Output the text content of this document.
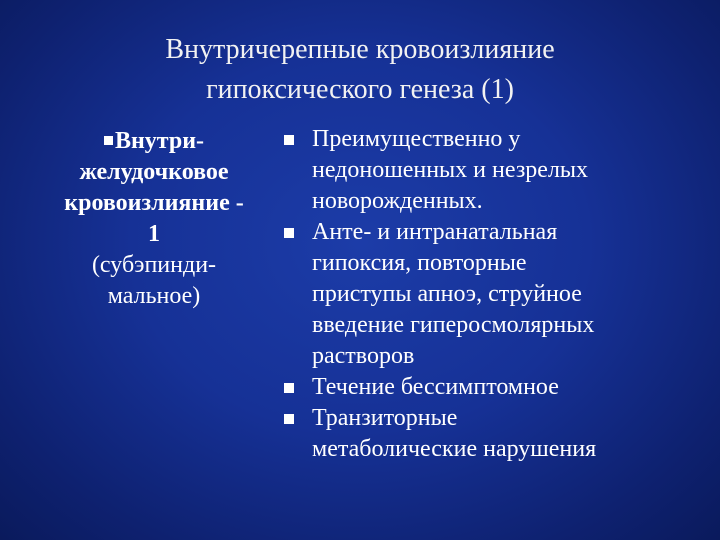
Внутричерепные кровоизлияние
гипоксического генеза (1)
Внутри-
желудочковое
кровоизлияние -
1
(субэпинди-
мальное)
Преимущественно у
недоношенных и незрелых
новорожденных.
Анте- и интранатальная
гипоксия, повторные
приступы апноэ, струйное
введение гиперосмолярных
растворов
Течение бессимптомное
Транзиторные
метаболические нарушения
